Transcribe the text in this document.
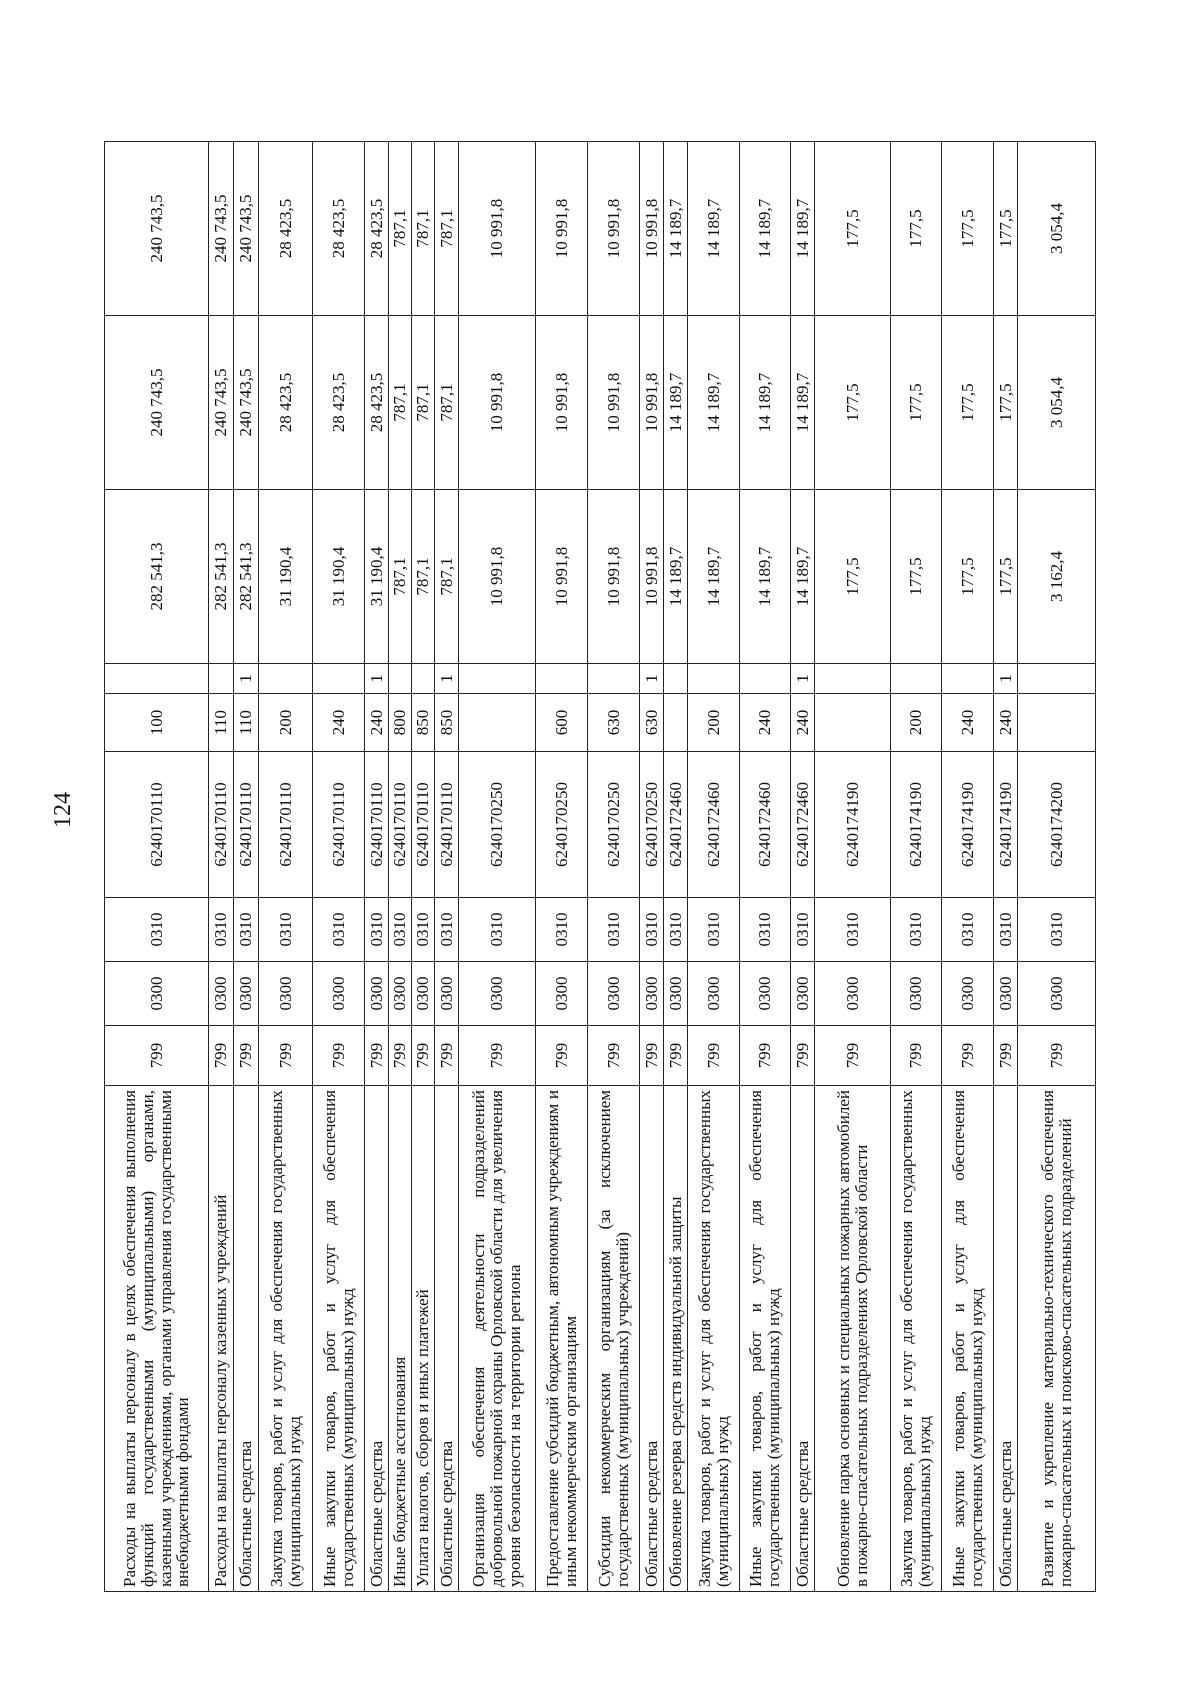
124
Расходы на выплаты персоналу в целях обеспечения выполнения функций государственными (муниципальными) органами, казенными учреждениями, органами управления государственными внебюджетными фондами	799	0300	0310	6240170110	100		282 541,3	240 743,5	240 743,5
Расходы на выплаты персоналу казенных учреждений	799	0300	0310	6240170110	110		282 541,3	240 743,5	240 743,5
Областные средства	799	0300	0310	6240170110	110	1	282 541,3	240 743,5	240 743,5
Закупка товаров, работ и услуг для обеспечения государственных (муниципальных) нужд	799	0300	0310	6240170110	200		31 190,4	28 423,5	28 423,5
Иные закупки товаров, работ и услуг для обеспечения государственных (муниципальных) нужд	799	0300	0310	6240170110	240		31 190,4	28 423,5	28 423,5
Областные средства	799	0300	0310	6240170110	240	1	31 190,4	28 423,5	28 423,5
Иные бюджетные ассигнования	799	0300	0310	6240170110	800		787,1	787,1	787,1
Уплата налогов, сборов и иных платежей	799	0300	0310	6240170110	850		787,1	787,1	787,1
Областные средства	799	0300	0310	6240170110	850	1	787,1	787,1	787,1
Организация обеспечения деятельности подразделений добровольной пожарной охраны Орловской области для увеличения уровня безопасности на территории региона	799	0300	0310	6240170250			10 991,8	10 991,8	10 991,8
Предоставление субсидий бюджетным, автономным учреждениям и иным некоммерческим организациям	799	0300	0310	6240170250	600		10 991,8	10 991,8	10 991,8
Субсидии некоммерческим организациям (за исключением государственных (муниципальных) учреждений)	799	0300	0310	6240170250	630		10 991,8	10 991,8	10 991,8
Областные средства	799	0300	0310	6240170250	630	1	10 991,8	10 991,8	10 991,8
Обновление резерва средств индивидуальной защиты	799	0300	0310	6240172460			14 189,7	14 189,7	14 189,7
Закупка товаров, работ и услуг для обеспечения государственных (муниципальных) нужд	799	0300	0310	6240172460	200		14 189,7	14 189,7	14 189,7
Иные закупки товаров, работ и услуг для обеспечения государственных (муниципальных) нужд	799	0300	0310	6240172460	240		14 189,7	14 189,7	14 189,7
Областные средства	799	0300	0310	6240172460	240	1	14 189,7	14 189,7	14 189,7
Обновление парка основных и специальных пожарных автомобилей в пожарно-спасательных подразделениях Орловской области	799	0300	0310	6240174190			177,5	177,5	177,5
Закупка товаров, работ и услуг для обеспечения государственных (муниципальных) нужд	799	0300	0310	6240174190	200		177,5	177,5	177,5
Иные закупки товаров, работ и услуг для обеспечения государственных (муниципальных) нужд	799	0300	0310	6240174190	240		177,5	177,5	177,5
Областные средства	799	0300	0310	6240174190	240	1	177,5	177,5	177,5
Развитие и укрепление материально-технического обеспечения пожарно-спасательных и поисково-спасательных подразделений	799	0300	0310	6240174200			3 162,4	3 054,4	3 054,4
